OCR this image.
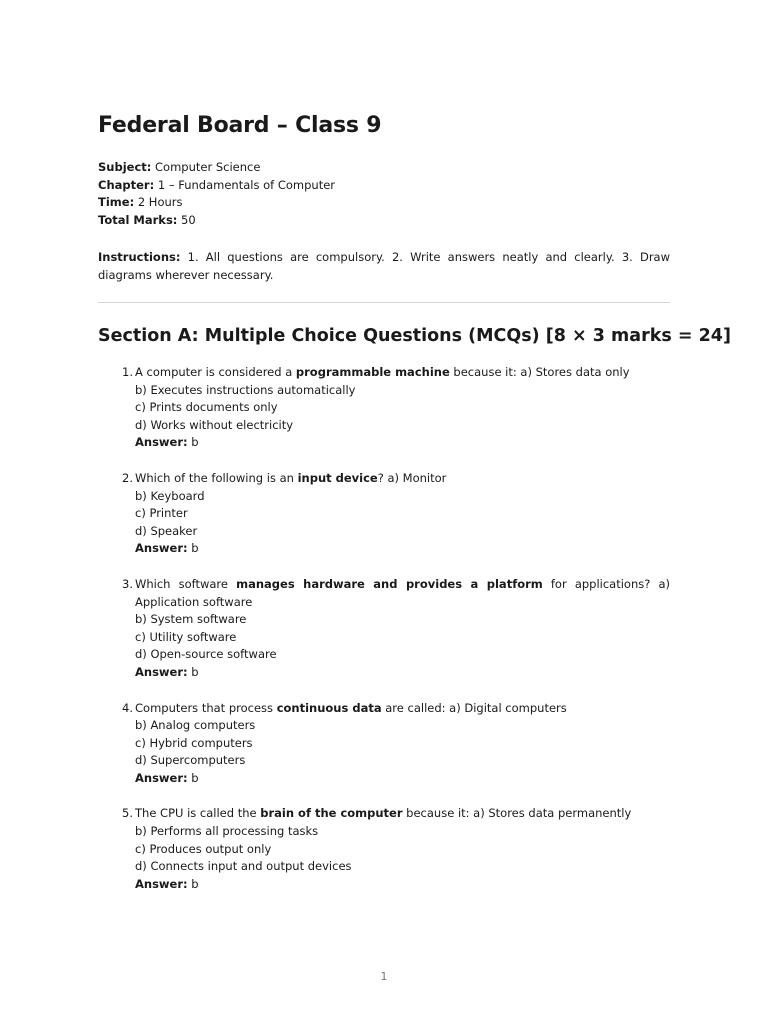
Federal Board – Class 9
Subject: Computer Science
Chapter: 1 – Fundamentals of Computer
Time: 2 Hours
Total Marks: 50

Instructions: 1. All questions are compulsory. 2. Write answers neatly and clearly. 3. Draw diagrams wherever necessary.

Section A: Multiple Choice Questions (MCQs) [8 × 3 marks = 24]
1. A computer is considered a programmable machine because it: a) Stores data only
b) Executes instructions automatically
c) Prints documents only
d) Works without electricity
Answer: b
2. Which of the following is an input device? a) Monitor
b) Keyboard
c) Printer
d) Speaker
Answer: b
3. Which software manages hardware and provides a platform for applications? a) Application software
b) System software
c) Utility software
d) Open-source software
Answer: b
4. Computers that process continuous data are called: a) Digital computers
b) Analog computers
c) Hybrid computers
d) Supercomputers
Answer: b
5. The CPU is called the brain of the computer because it: a) Stores data permanently
b) Performs all processing tasks
c) Produces output only
d) Connects input and output devices
Answer: b
1
